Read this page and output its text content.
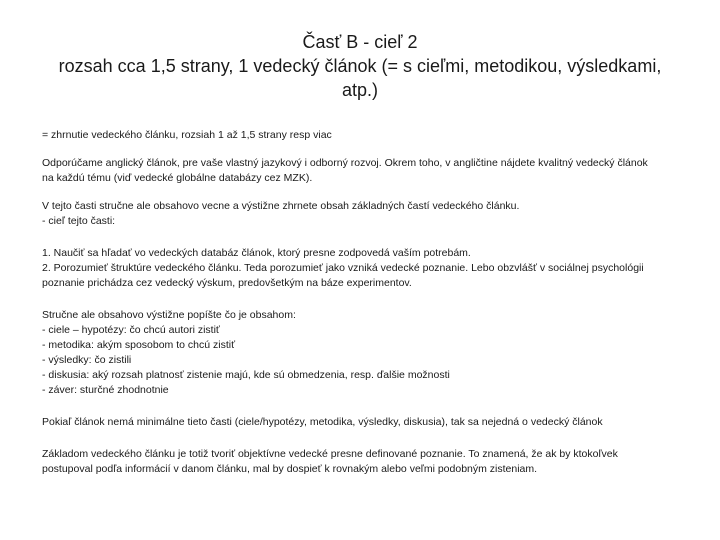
Časť B - cieľ 2
rozsah cca 1,5 strany, 1 vedecký článok (= s cieľmi, metodikou, výsledkami,
atp.)

= zhrnutie vedeckého článku, rozsiah 1 až 1,5 strany resp viac

Odporúčame anglický článok, pre vaše vlastný jazykový i odborný rozvoj. Okrem toho, v angličtine nájdete kvalitný vedecký článok
na každú tému (viď vedecké globálne databázy cez MZK).

V tejto časti stručne ale obsahovo vecne a výstižne zhrnete obsah základných častí vedeckého článku.
- cieľ tejto časti:

1. Naučiť sa hľadať vo vedeckých databáz článok, ktorý presne zodpovedá vaším potrebám.
2. Porozumieť štruktúre vedeckého článku. Teda porozumieť jako vzniká vedecké poznanie. Lebo obzvlášť v sociálnej psychológii
poznanie prichádza cez vedecký výskum, predovšetkým na báze experimentov.

Stručne ale obsahovo výstižne popíšte čo je obsahom:
- ciele – hypotézy: čo chcú autori zistiť
- metodika: akým sposobom to chcú zistiť
- výsledky: čo zistili
- diskusia: aký rozsah platnosť zistenie majú, kde sú obmedzenia, resp. ďalšie možnosti
- záver: sturčné zhodnotnie

Pokiaľ článok nemá minimálne tieto časti (ciele/hypotézy, metodika, výsledky, diskusia), tak sa nejedná o vedecký článok

Základom vedeckého článku je totiž tvoriť objektívne vedecké presne definované poznanie. To znamená, že ak by ktokoľvek
postupoval podľa informácií v danom článku, mal by dospieť k rovnakým alebo veľmi podobným zisteniam.
